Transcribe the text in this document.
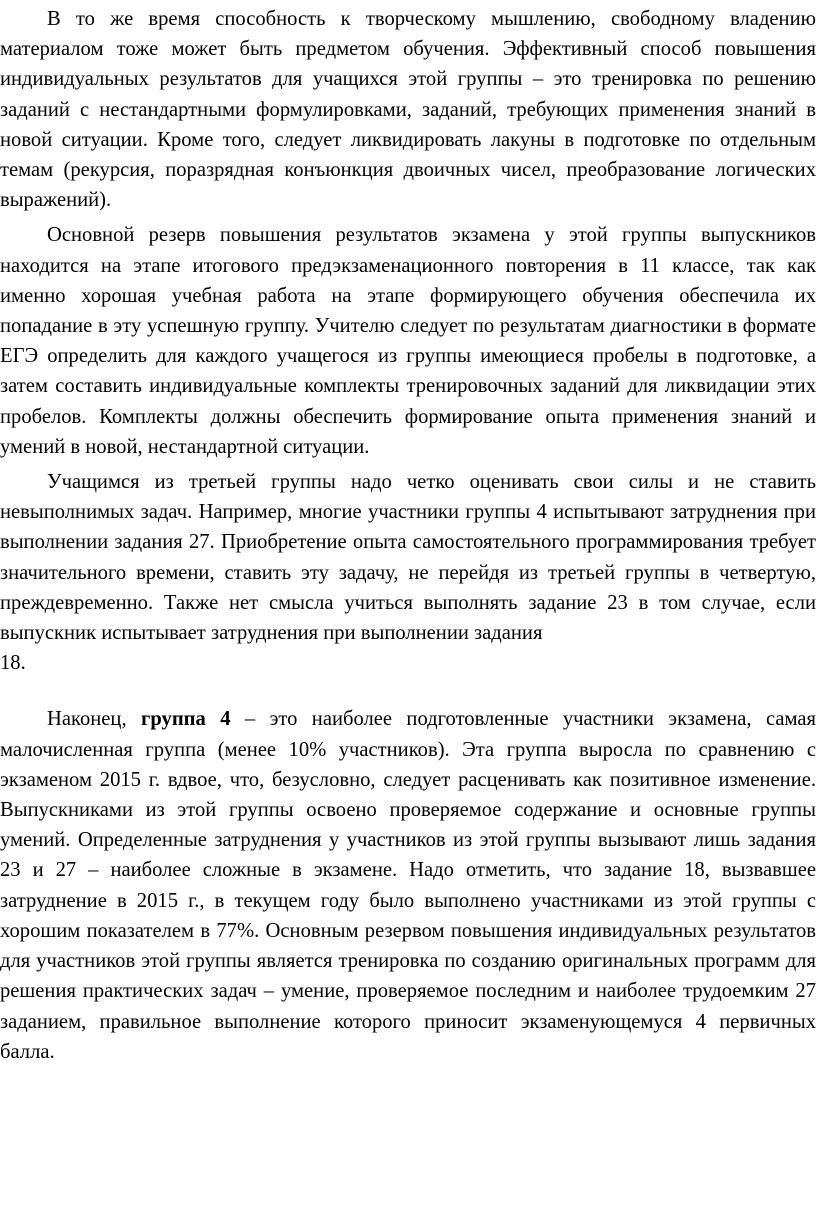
В то же время способность к творческому мышлению, свободному владению материалом тоже может быть предметом обучения. Эффективный способ повышения индивидуальных результатов для учащихся этой группы – это тренировка по решению заданий с нестандартными формулировками, заданий, требующих применения знаний в новой ситуации. Кроме того, следует ликвидировать лакуны в подготовке по отдельным темам (рекурсия, поразрядная конъюнкция двоичных чисел, преобразование логических выражений).

Основной резерв повышения результатов экзамена у этой группы выпускников находится на этапе итогового предэкзаменационного повторения в 11 классе, так как именно хорошая учебная работа на этапе формирующего обучения обеспечила их попадание в эту успешную группу. Учителю следует по результатам диагностики в формате ЕГЭ определить для каждого учащегося из группы имеющиеся пробелы в подготовке, а затем составить индивидуальные комплекты тренировочных заданий для ликвидации этих пробелов. Комплекты должны обеспечить формирование опыта применения знаний и умений в новой, нестандартной ситуации.

Учащимся из третьей группы надо четко оценивать свои силы и не ставить невыполнимых задач. Например, многие участники группы 4 испытывают затруднения при выполнении задания 27. Приобретение опыта самостоятельного программирования требует значительного времени, ставить эту задачу, не перейдя из третьей группы в четвертую, преждевременно. Также нет смысла учиться выполнять задание 23 в том случае, если выпускник испытывает затруднения при выполнении задания

18.

Наконец, группа 4 – это наиболее подготовленные участники экзамена, самая малочисленная группа (менее 10% участников). Эта группа выросла по сравнению с экзаменом 2015 г. вдвое, что, безусловно, следует расценивать как позитивное изменение. Выпускниками из этой группы освоено проверяемое содержание и основные группы умений. Определенные затруднения у участников из этой группы вызывают лишь задания 23 и 27 – наиболее сложные в экзамене. Надо отметить, что задание 18, вызвавшее затруднение в 2015 г., в текущем году было выполнено участниками из этой группы с хорошим показателем в 77%. Основным резервом повышения индивидуальных результатов для участников этой группы является тренировка по созданию оригинальных программ для решения практических задач – умение, проверяемое последним и наиболее трудоемким 27 заданием, правильное выполнение которого приносит экзаменующемуся 4 первичных балла.
